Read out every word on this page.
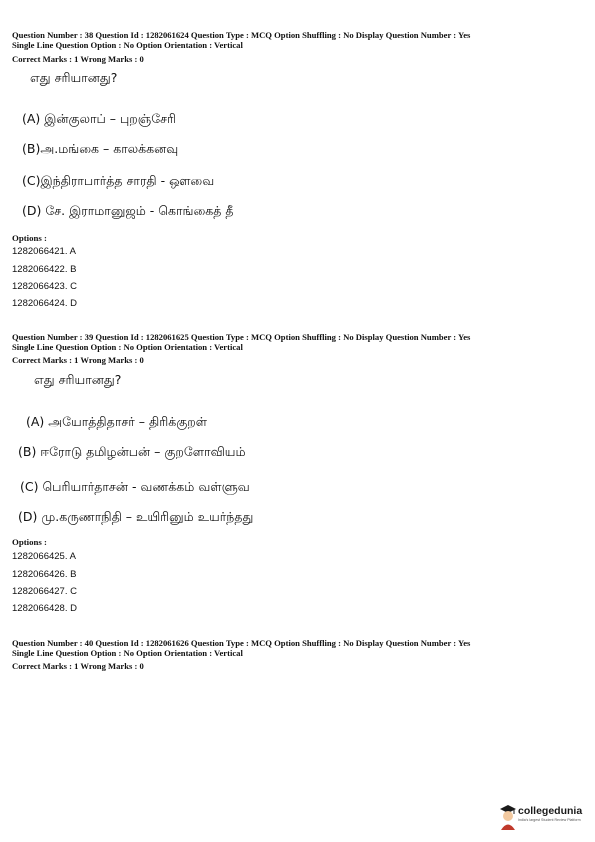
Question Number : 38 Question Id : 1282061624 Question Type : MCQ Option Shuffling : No Display Question Number : Yes
Single Line Question Option : No Option Orientation : Vertical
Correct Marks : 1 Wrong Marks : 0
எது சரியானது?
(A) இன்குலாப் – புறஞ்சேரி
(B)அ.மங்கை – காலக்கனவு
(C)இந்திராபார்த்த சாரதி - ஔவை
(D) சே. இராமானுஜம் - கொங்கைத் தீ
Options :
1282066421. A
1282066422. B
1282066423. C
1282066424. D
Question Number : 39 Question Id : 1282061625 Question Type : MCQ Option Shuffling : No Display Question Number : Yes
Single Line Question Option : No Option Orientation : Vertical
Correct Marks : 1 Wrong Marks : 0
எது சரியானது?
(A) அயோத்திதாசர் – திரிக்குறள்
(B) ஈரோடு தமிழன்பன் – குறளோவியம்
(C) பெரியார்தாசன் - வணக்கம் வள்ளுவ
(D) மு.கருணாநிதி – உயிரினும் உயர்ந்தது
Options :
1282066425. A
1282066426. B
1282066427. C
1282066428. D
Question Number : 40 Question Id : 1282061626 Question Type : MCQ Option Shuffling : No Display Question Number : Yes
Single Line Question Option : No Option Orientation : Vertical
Correct Marks : 1 Wrong Marks : 0
collegedunia
India's largest Student Review Platform
